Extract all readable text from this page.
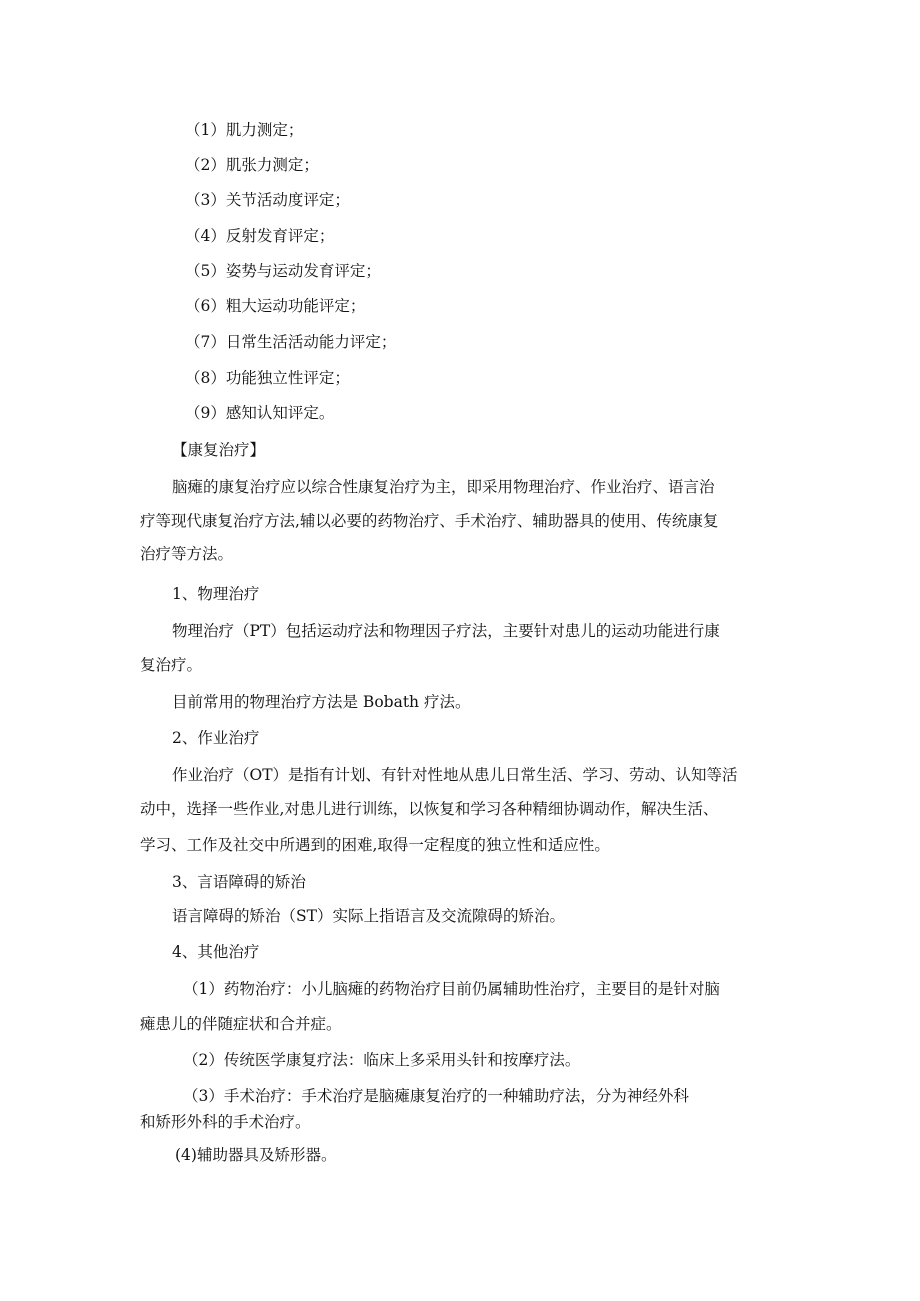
（1）肌力测定；

（2）肌张力测定；

（3）关节活动度评定；

（4）反射发育评定；

（5）姿势与运动发育评定；

（6）粗大运动功能评定；

（7）日常生活活动能力评定；

（8）功能独立性评定；

（9）感知认知评定。

【康复治疗】

脑瘫的康复治疗应以综合性康复治疗为主，即采用物理治疗、作业治疗、语言治

疗等现代康复治疗方法,辅以必要的药物治疗、手术治疗、辅助器具的使用、传统康复

治疗等方法。

1、物理治疗

物理治疗（PT）包括运动疗法和物理因子疗法，主要针对患儿的运动功能进行康

复治疗。

目前常用的物理治疗方法是 Bobath 疗法。

2、作业治疗

作业治疗（OT）是指有计划、有针对性地从患儿日常生活、学习、劳动、认知等活

动中，选择一些作业,对患儿进行训练，以恢复和学习各种精细协调动作，解决生活、

学习、工作及社交中所遇到的困难,取得一定程度的独立性和适应性。

3、言语障碍的矫治

语言障碍的矫治（ST）实际上指语言及交流隙碍的矫治。

4、其他治疗

（1）药物治疗：小儿脑瘫的药物治疗目前仍属辅助性治疗，主要目的是针对脑

瘫患儿的伴随症状和合并症。

（2）传统医学康复疗法：临床上多采用头针和按摩疗法。

（3）手术治疗：手术治疗是脑瘫康复治疗的一种辅助疗法，分为神经外科

和矫形外科的手术治疗。

(4)辅助器具及矫形器。
